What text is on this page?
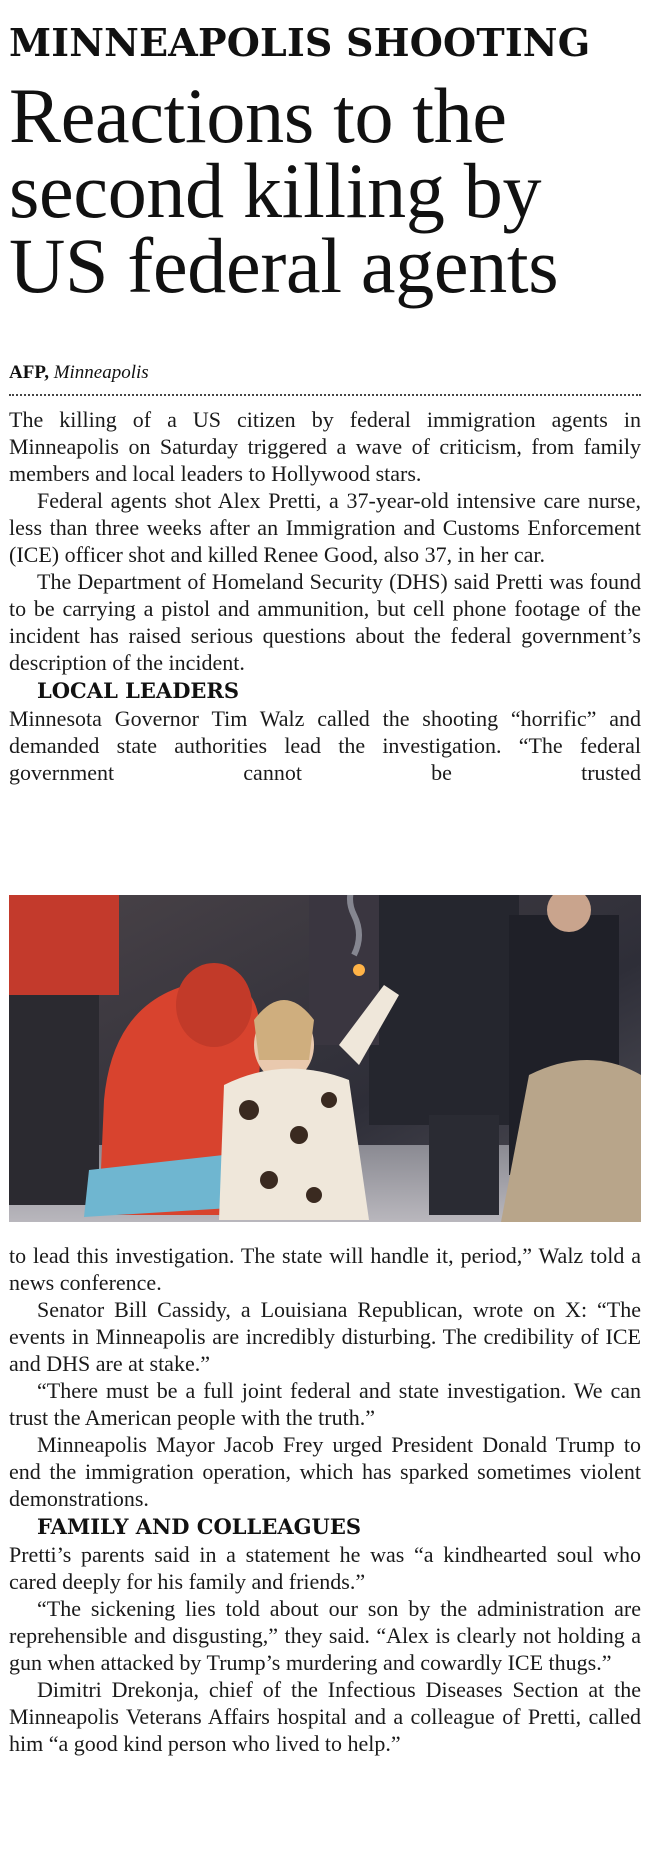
MINNEAPOLIS SHOOTING
Reactions to the second killing by US federal agents
AFP, Minneapolis

The killing of a US citizen by federal immigration agents in Minneapolis on Saturday triggered a wave of criticism, from family members and local leaders to Hollywood stars.

Federal agents shot Alex Pretti, a 37-year-old intensive care nurse, less than three weeks after an Immigration and Customs Enforcement (ICE) officer shot and killed Renee Good, also 37, in her car.

The Department of Homeland Security (DHS) said Pretti was found to be carrying a pistol and ammunition, but cell phone footage of the incident has raised serious questions about the federal government’s description of the incident.

LOCAL LEADERS

Minnesota Governor Tim Walz called the shooting “horrific” and demanded state authorities lead the investigation. “The federal government cannot be trusted

to lead this investigation. The state will handle it, period,” Walz told a news conference.

Senator Bill Cassidy, a Louisiana Republican, wrote on X: “The events in Minneapolis are incredibly disturbing. The credibility of ICE and DHS are at stake.”

“There must be a full joint federal and state investigation. We can trust the American people with the truth.”

Minneapolis Mayor Jacob Frey urged President Donald Trump to end the immigration operation, which has sparked sometimes violent demonstrations.

FAMILY AND COLLEAGUES

Pretti’s parents said in a statement he was “a kindhearted soul who cared deeply for his family and friends.”

“The sickening lies told about our son by the administration are reprehensible and disgusting,” they said. “Alex is clearly not holding a gun when attacked by Trump’s murdering and cowardly ICE thugs.”

Dimitri Drekonja, chief of the Infectious Diseases Section at the Minneapolis Veterans Affairs hospital and a colleague of Pretti, called him “a good kind person who lived to help.”
